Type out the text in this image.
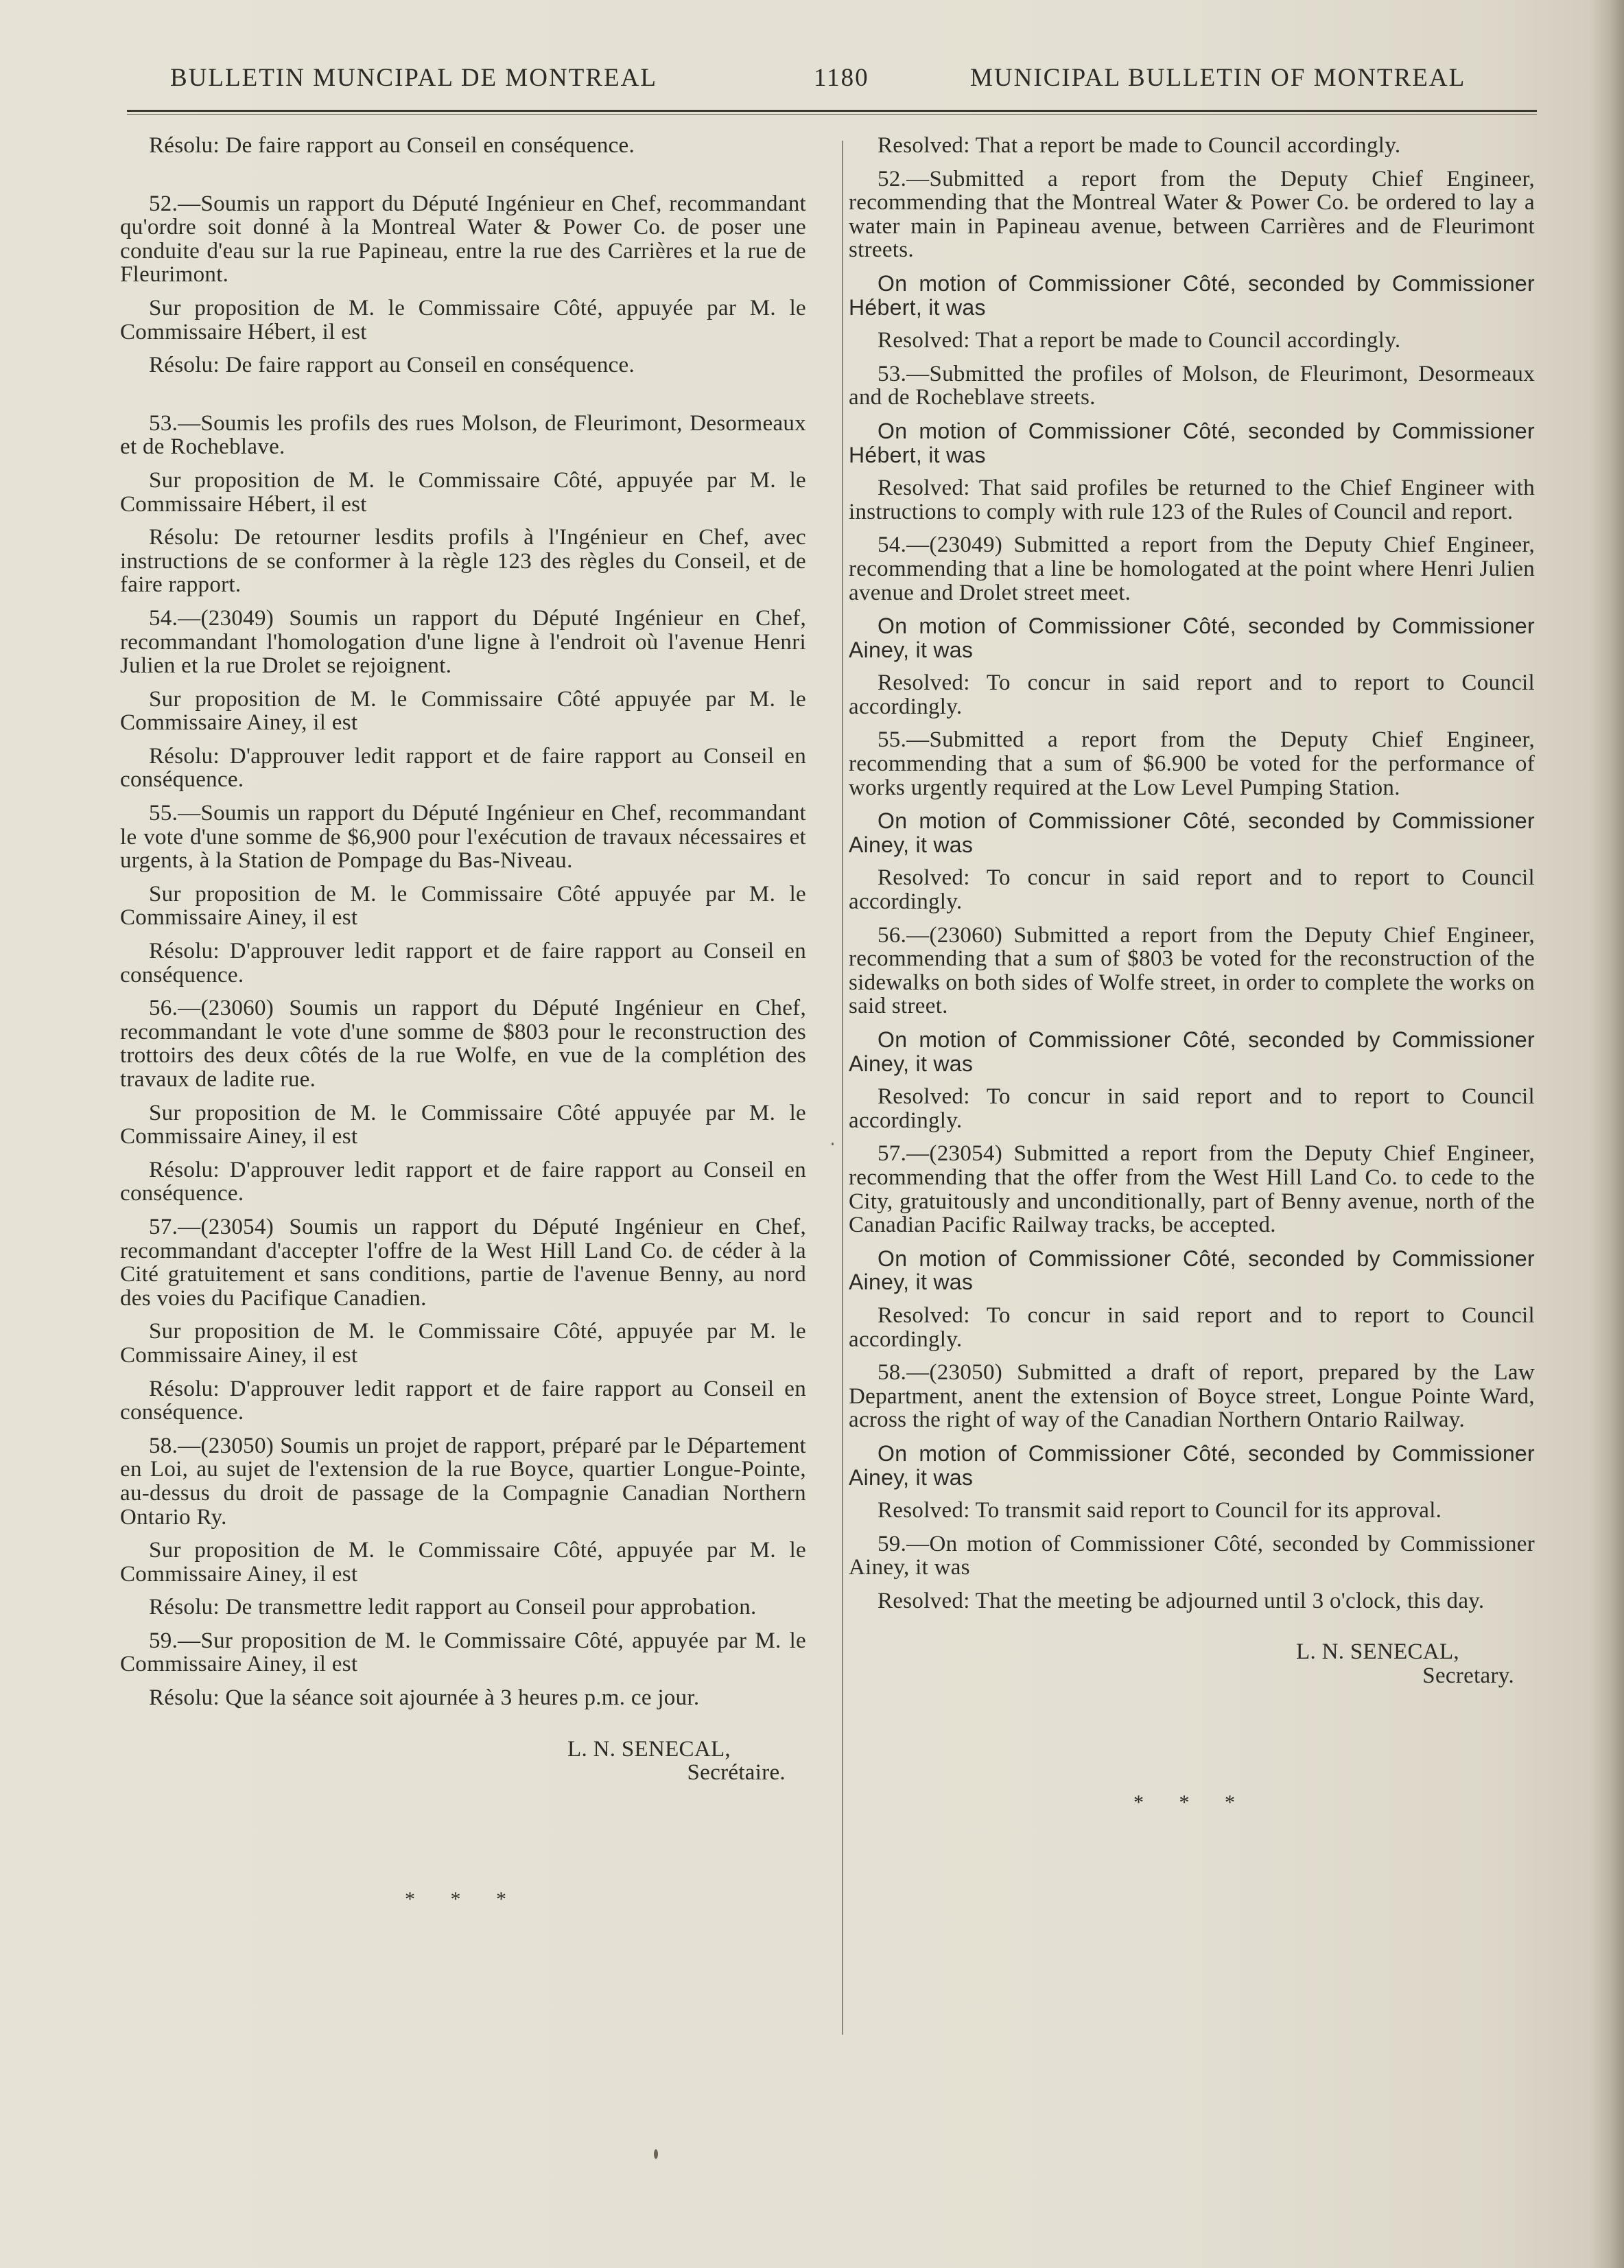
BULLETIN MUNCIPAL DE MONTREAL	1180	MUNICIPAL BULLETIN OF MONTREAL

Résolu: De faire rapport au Conseil en conséquence.

52.—Soumis un rapport du Député Ingénieur en Chef, recommandant qu'ordre soit donné à la Montreal Water & Power Co. de poser une conduite d'eau sur la rue Papineau, entre la rue des Carrières et la rue de Fleurimont.

Sur proposition de M. le Commissaire Côté, appuyée par M. le Commissaire Hébert, il est

Résolu: De faire rapport au Conseil en conséquence.

53.—Soumis les profils des rues Molson, de Fleurimont, Desormeaux et de Rocheblave.

Sur proposition de M. le Commissaire Côté, appuyée par M. le Commissaire Hébert, il est

Résolu: De retourner lesdits profils à l'Ingénieur en Chef, avec instructions de se conformer à la règle 123 des règles du Conseil, et de faire rapport.

54.—(23049) Soumis un rapport du Député Ingénieur en Chef, recommandant l'homologation d'une ligne à l'endroit où l'avenue Henri Julien et la rue Drolet se rejoignent.

Sur proposition de M. le Commissaire Côté appuyée par M. le Commissaire Ainey, il est

Résolu: D'approuver ledit rapport et de faire rapport au Conseil en conséquence.

55.—Soumis un rapport du Député Ingénieur en Chef, recommandant le vote d'une somme de $6,900 pour l'exécution de travaux nécessaires et urgents, à la Station de Pompage du Bas-Niveau.

Sur proposition de M. le Commissaire Côté appuyée par M. le Commissaire Ainey, il est

Résolu: D'approuver ledit rapport et de faire rapport au Conseil en conséquence.

56.—(23060) Soumis un rapport du Député Ingénieur en Chef, recommandant le vote d'une somme de $803 pour le reconstruction des trottoirs des deux côtés de la rue Wolfe, en vue de la complétion des travaux de ladite rue.

Sur proposition de M. le Commissaire Côté appuyée par M. le Commissaire Ainey, il est

Résolu: D'approuver ledit rapport et de faire rapport au Conseil en conséquence.

57.—(23054) Soumis un rapport du Député Ingénieur en Chef, recommandant d'accepter l'offre de la West Hill Land Co. de céder à la Cité gratuitement et sans conditions, partie de l'avenue Benny, au nord des voies du Pacifique Canadien.

Sur proposition de M. le Commissaire Côté, appuyée par M. le Commissaire Ainey, il est

Résolu: D'approuver ledit rapport et de faire rapport au Conseil en conséquence.

58.—(23050) Soumis un projet de rapport, préparé par le Département en Loi, au sujet de l'extension de la rue Boyce, quartier Longue-Pointe, au-dessus du droit de passage de la Compagnie Canadian Northern Ontario Ry.

Sur proposition de M. le Commissaire Côté, appuyée par M. le Commissaire Ainey, il est

Résolu: De transmettre ledit rapport au Conseil pour approbation.

59.—Sur proposition de M. le Commissaire Côté, appuyée par M. le Commissaire Ainey, il est

Résolu: Que la séance soit ajournée à 3 heures p.m. ce jour.

L. N. SENECAL,
Secrétaire.

* * *

Resolved: That a report be made to Council accordingly.

52.—Submitted a report from the Deputy Chief Engineer, recommending that the Montreal Water & Power Co. be ordered to lay a water main in Papineau avenue, between Carrières and de Fleurimont streets.

On motion of Commissioner Côté, seconded by Commissioner Hébert, it was

Resolved: That a report be made to Council accordingly.

53.—Submitted the profiles of Molson, de Fleurimont, Desormeaux and de Rocheblave streets.

On motion of Commissioner Côté, seconded by Commissioner Hébert, it was

Resolved: That said profiles be returned to the Chief Engineer with instructions to comply with rule 123 of the Rules of Council and report.

54.—(23049) Submitted a report from the Deputy Chief Engineer, recommending that a line be homologated at the point where Henri Julien avenue and Drolet street meet.

On motion of Commissioner Côté, seconded by Commissioner Ainey, it was

Resolved: To concur in said report and to report to Council accordingly.

55.—Submitted a report from the Deputy Chief Engineer, recommending that a sum of $6.900 be voted for the performance of works urgently required at the Low Level Pumping Station.

On motion of Commissioner Côté, seconded by Commissioner Ainey, it was

Resolved: To concur in said report and to report to Council accordingly.

56.—(23060) Submitted a report from the Deputy Chief Engineer, recommending that a sum of $803 be voted for the reconstruction of the sidewalks on both sides of Wolfe street, in order to complete the works on said street.

On motion of Commissioner Côté, seconded by Commissioner Ainey, it was

Resolved: To concur in said report and to report to Council accordingly.

57.—(23054) Submitted a report from the Deputy Chief Engineer, recommending that the offer from the West Hill Land Co. to cede to the City, gratuitously and unconditionally, part of Benny avenue, north of the Canadian Pacific Railway tracks, be accepted.

On motion of Commissioner Côté, seconded by Commissioner Ainey, it was

Resolved: To concur in said report and to report to Council accordingly.

58.—(23050) Submitted a draft of report, prepared by the Law Department, anent the extension of Boyce street, Longue Pointe Ward, across the right of way of the Canadian Northern Ontario Railway.

On motion of Commissioner Côté, seconded by Commissioner Ainey, it was

Resolved: To transmit said report to Council for its approval.

59.—On motion of Commissioner Côté, seconded by Commissioner Ainey, it was

Resolved: That the meeting be adjourned until 3 o'clock, this day.

L. N. SENECAL,
Secretary.

* * *
